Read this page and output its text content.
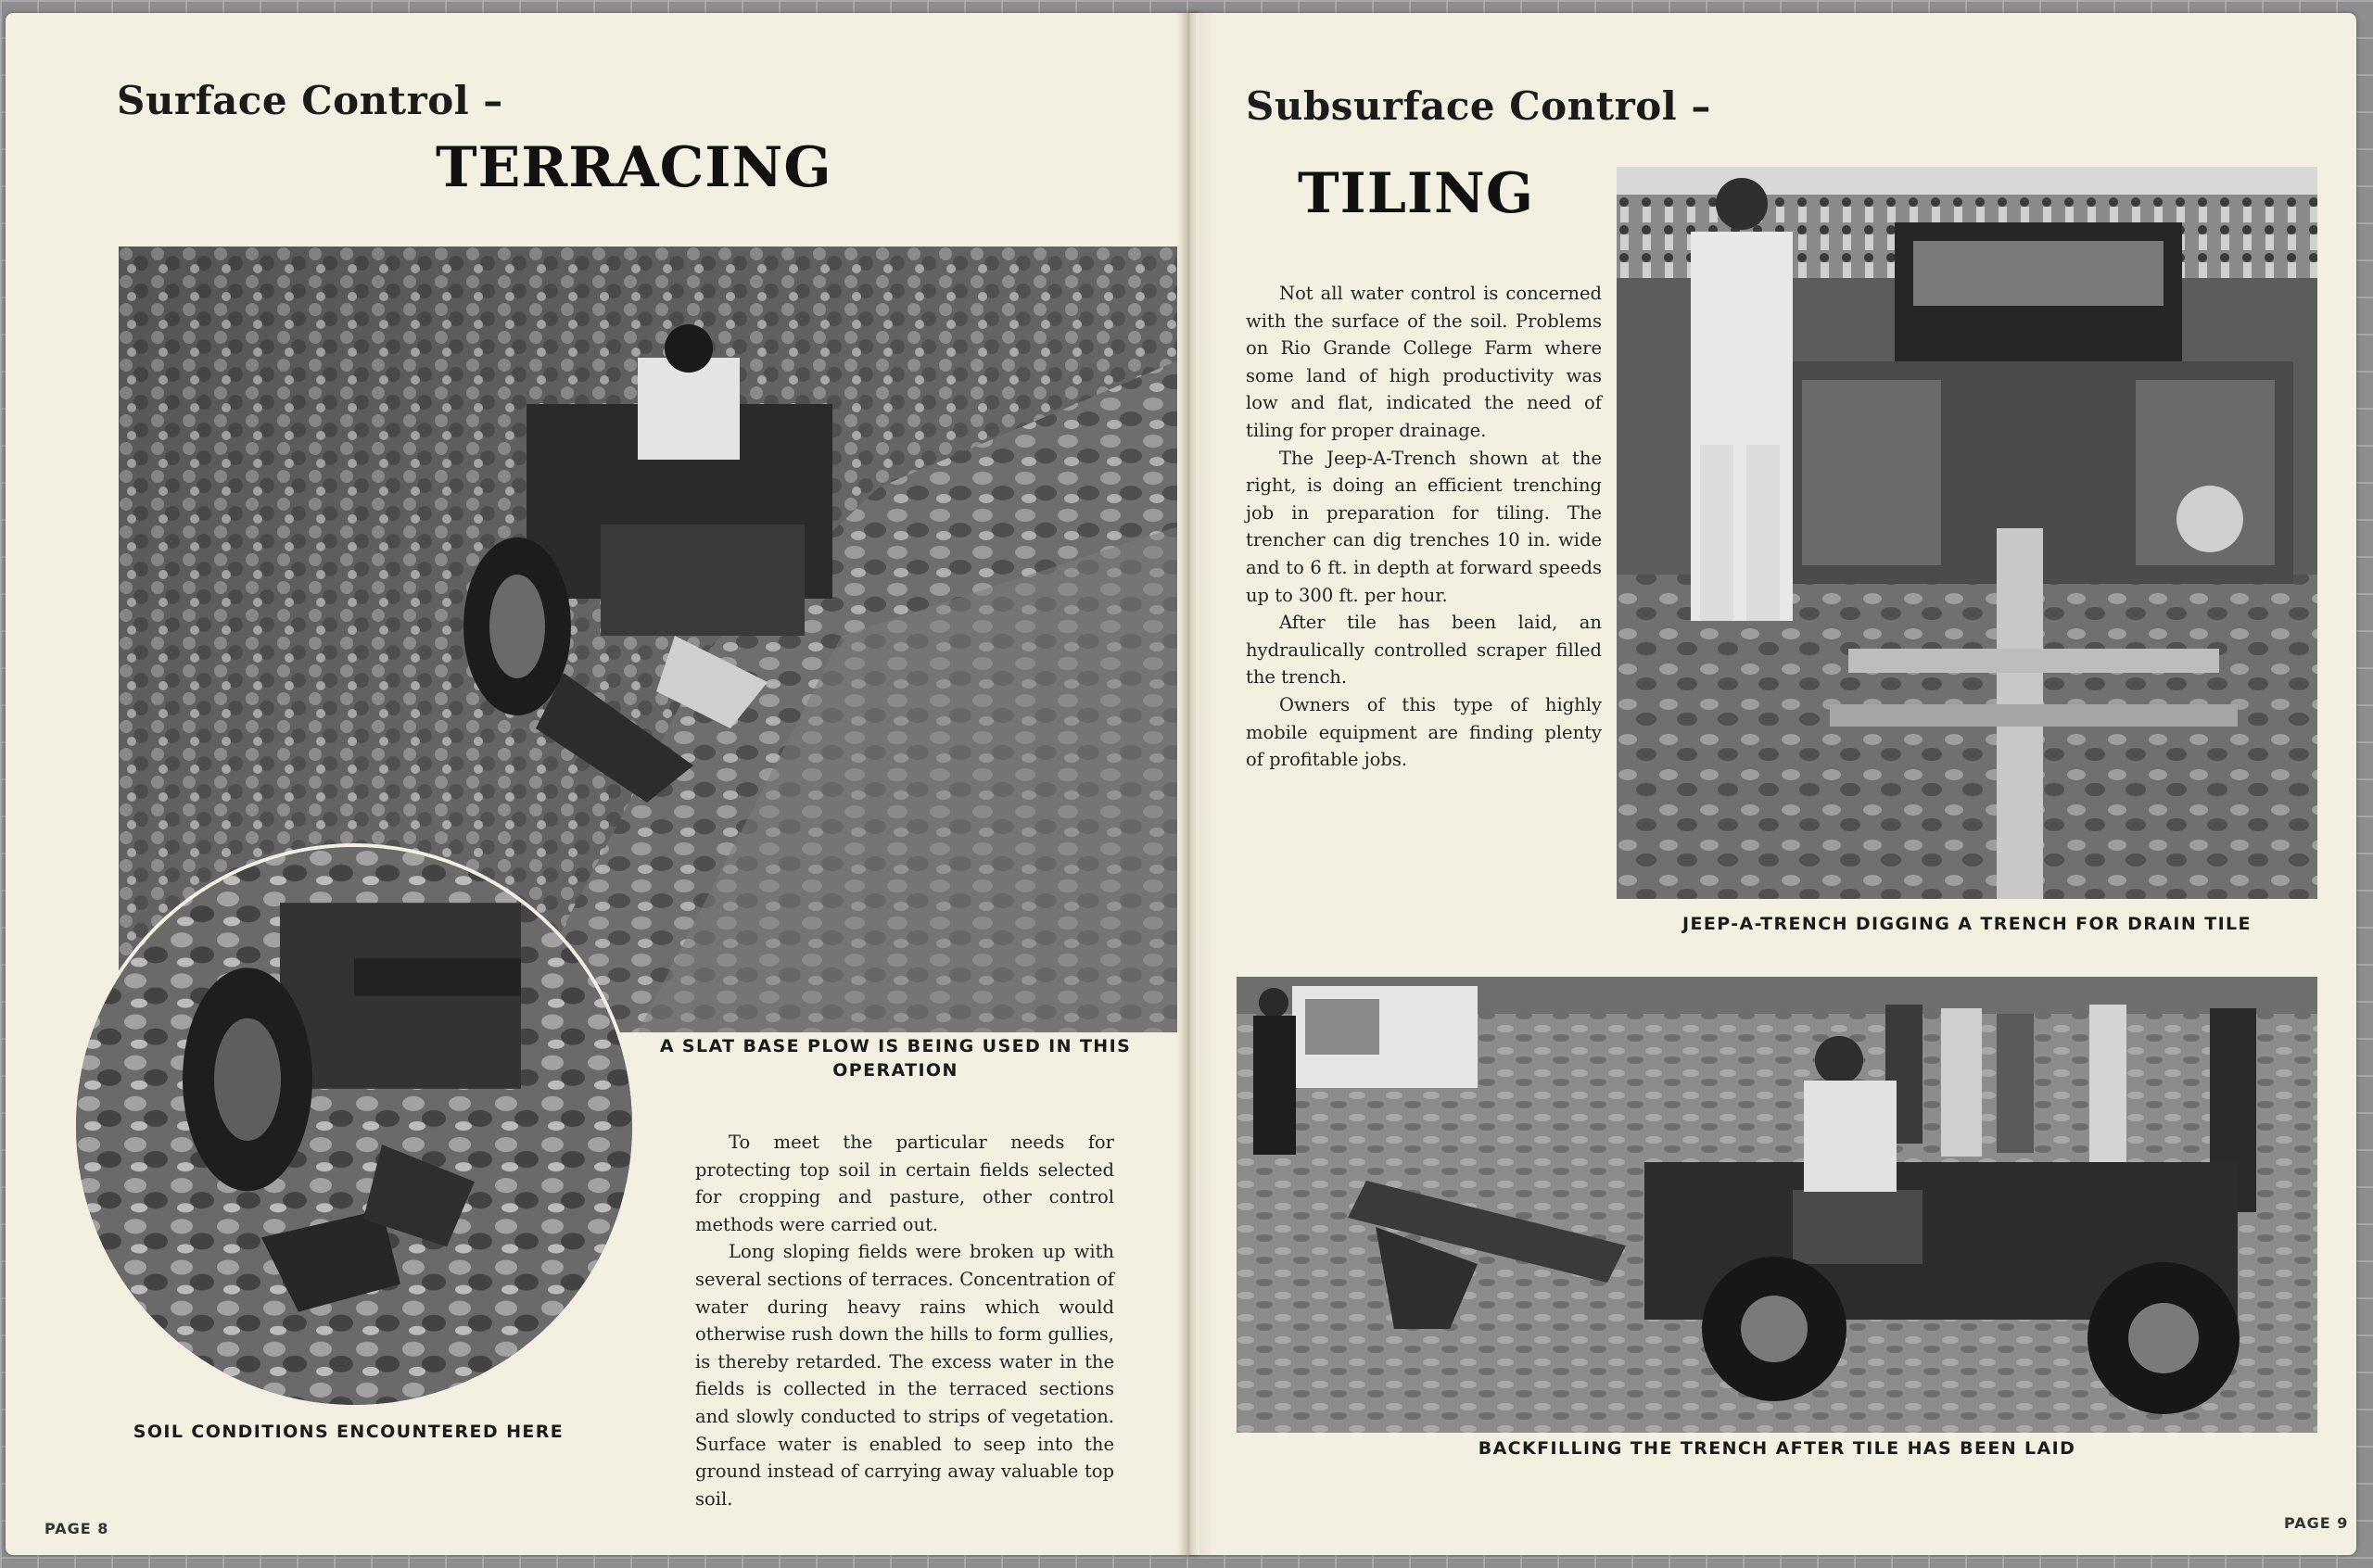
Surface Control –
TERRACING
A SLAT BASE PLOW IS BEING USED IN THIS OPERATION
SOIL CONDITIONS ENCOUNTERED HERE

To meet the particular needs for protecting top soil in certain fields selected for cropping and pasture, other control methods were carried out.

Long sloping fields were broken up with several sections of terraces. Concentration of water during heavy rains which would otherwise rush down the hills to form gullies, is thereby retarded. The excess water in the fields is collected in the terraced sections and slowly conducted to strips of vegetation. Surface water is enabled to seep into the ground instead of carrying away valuable top soil.

PAGE 8
Subsurface Control –
TILING

Not all water control is concerned with the surface of the soil. Problems on Rio Grande College Farm where some land of high productivity was low and flat, indicated the need of tiling for proper drainage.

The Jeep-A-Trench shown at the right, is doing an efficient trenching job in preparation for tiling. The trencher can dig trenches 10 in. wide and to 6 ft. in depth at forward speeds up to 300 ft. per hour.

After tile has been laid, an hydraulically controlled scraper filled the trench.

Owners of this type of highly mobile equipment are finding plenty of profitable jobs.

JEEP-A-TRENCH DIGGING A TRENCH FOR DRAIN TILE
BACKFILLING THE TRENCH AFTER TILE HAS BEEN LAID
PAGE 9
